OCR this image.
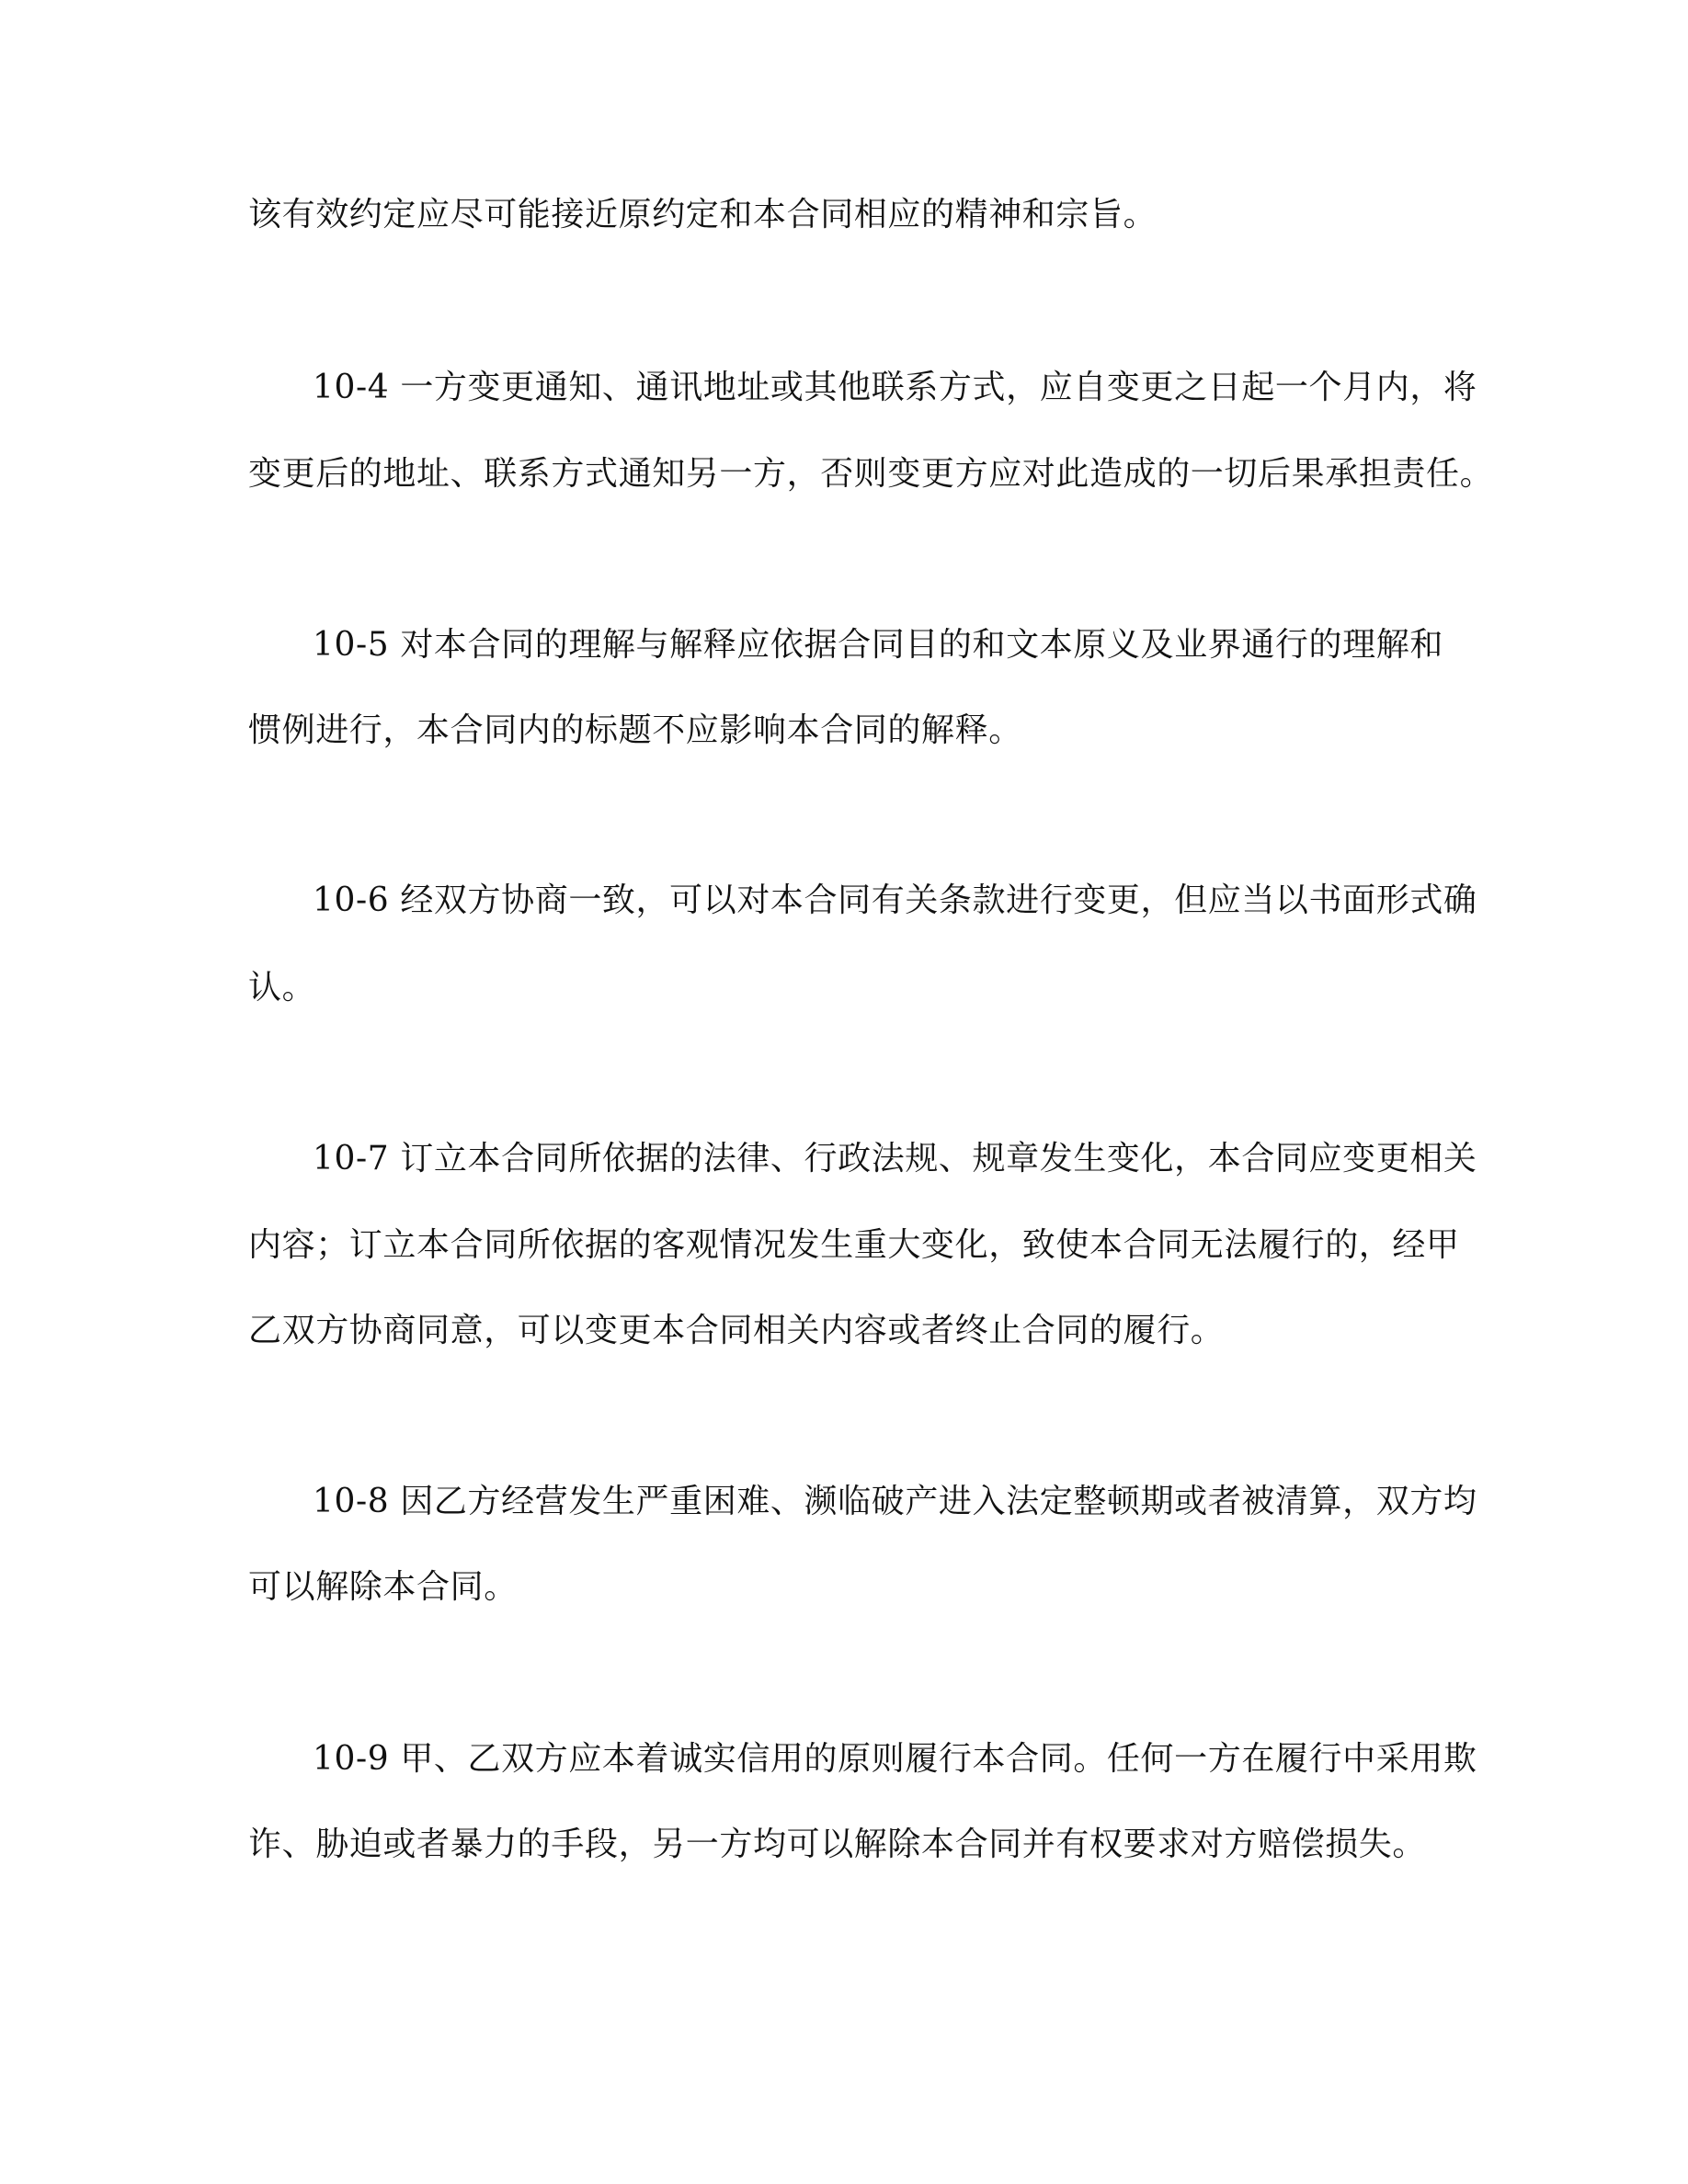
该有效约定应尽可能接近原约定和本合同相应的精神和宗旨。

10-4 一方变更通知、通讯地址或其他联系方式，应自变更之日起一个月内，将

变更后的地址、联系方式通知另一方，否则变更方应对此造成的一切后果承担责任。

10-5 对本合同的理解与解释应依据合同目的和文本原义及业界通行的理解和

惯例进行，本合同内的标题不应影响本合同的解释。

10-6 经双方协商一致，可以对本合同有关条款进行变更，但应当以书面形式确

认。

10-7 订立本合同所依据的法律、行政法规、规章发生变化，本合同应变更相关

内容；订立本合同所依据的客观情况发生重大变化，致使本合同无法履行的，经甲

乙双方协商同意，可以变更本合同相关内容或者终止合同的履行。

10-8 因乙方经营发生严重困难、濒临破产进入法定整顿期或者被清算，双方均

可以解除本合同。

10-9 甲、乙双方应本着诚实信用的原则履行本合同。任何一方在履行中采用欺

诈、胁迫或者暴力的手段，另一方均可以解除本合同并有权要求对方赔偿损失。
